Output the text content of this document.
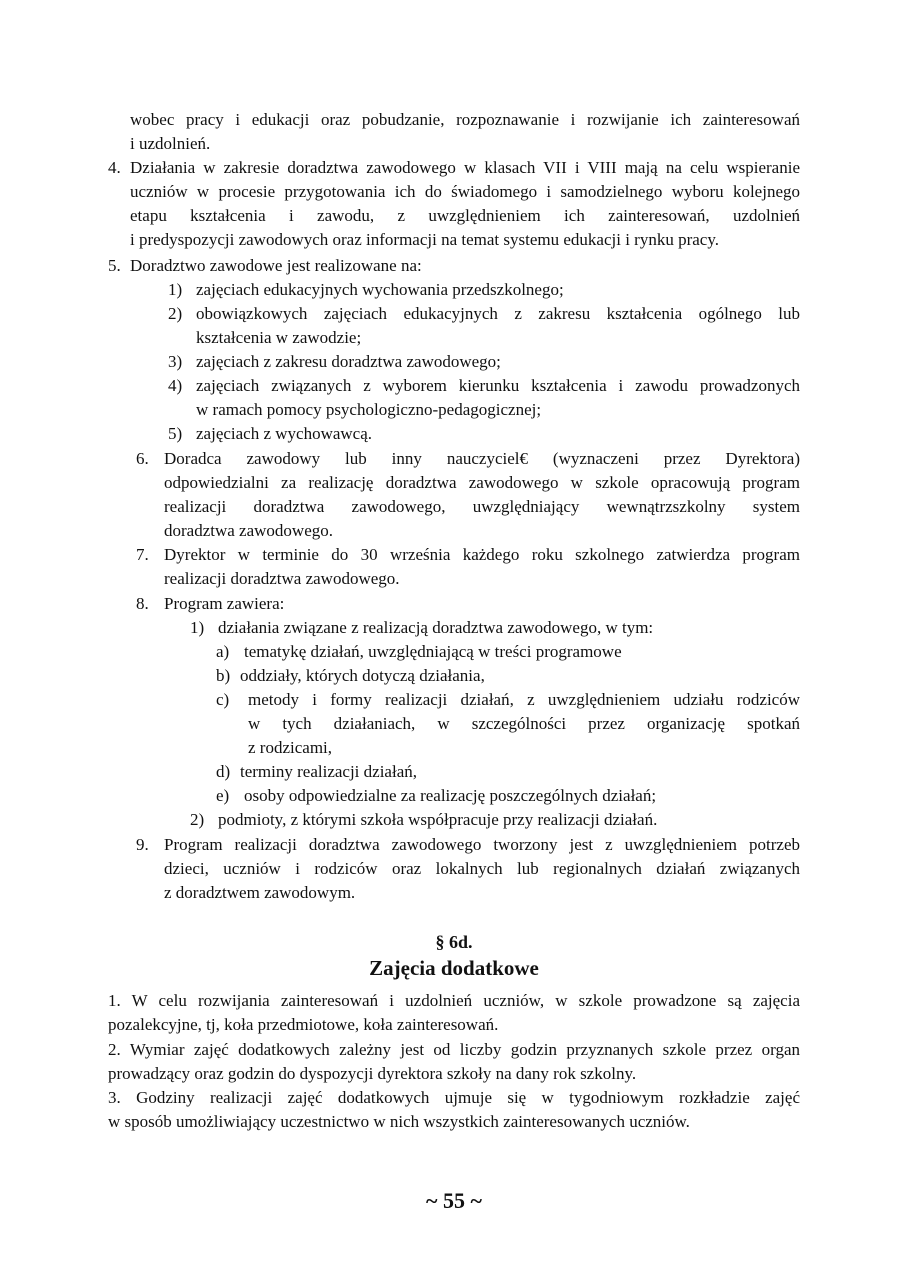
wobec pracy i edukacji oraz pobudzanie, rozpoznawanie i rozwijanie ich zainteresowań
i uzdolnień.
4. Działania w zakresie doradztwa zawodowego w klasach VII i VIII mają na celu wspieranie
uczniów w procesie przygotowania ich do świadomego i samodzielnego wyboru kolejnego
etapu kształcenia i zawodu, z uwzględnieniem ich zainteresowań, uzdolnień
i predyspozycji zawodowych oraz informacji na temat systemu edukacji i rynku pracy.
5. Doradztwo zawodowe jest realizowane na:
1) zajęciach edukacyjnych wychowania przedszkolnego;
2) obowiązkowych zajęciach edukacyjnych z zakresu kształcenia ogólnego lub
kształcenia w zawodzie;
3) zajęciach z zakresu doradztwa zawodowego;
4) zajęciach związanych z wyborem kierunku kształcenia i zawodu prowadzonych
w ramach pomocy psychologiczno-pedagogicznej;
5) zajęciach z wychowawcą.
6. Doradca zawodowy lub inny nauczyciel€ (wyznaczeni przez Dyrektora)
odpowiedzialni za realizację doradztwa zawodowego w szkole opracowują program
realizacji doradztwa zawodowego, uwzględniający wewnątrzszkolny system
doradztwa zawodowego.
7. Dyrektor w terminie do 30 września każdego roku szkolnego zatwierdza program
realizacji doradztwa zawodowego.
8. Program zawiera:
1) działania związane z realizacją doradztwa zawodowego, w tym:
a) tematykę działań, uwzględniającą w treści programowe
b) oddziały, których dotyczą działania,
c) metody i formy realizacji działań, z uwzględnieniem udziału rodziców
w tych działaniach, w szczególności przez organizację spotkań
z rodzicami,
d) terminy realizacji działań,
e) osoby odpowiedzialne za realizację poszczególnych działań;
2) podmioty, z którymi szkoła współpracuje przy realizacji działań.
9. Program realizacji doradztwa zawodowego tworzony jest z uwzględnieniem potrzeb
dzieci, uczniów i rodziców oraz lokalnych lub regionalnych działań związanych
z doradztwem zawodowym.
§ 6d.
Zajęcia dodatkowe
1. W celu rozwijania zainteresowań i uzdolnień uczniów, w szkole prowadzone są zajęcia
pozalekcyjne, tj, koła przedmiotowe, koła zainteresowań.
2. Wymiar zajęć dodatkowych zależny jest od liczby godzin przyznanych szkole przez organ
prowadzący oraz godzin do dyspozycji dyrektora szkoły na dany rok szkolny.
3. Godziny realizacji zajęć dodatkowych ujmuje się w tygodniowym rozkładzie zajęć
w sposób umożliwiający uczestnictwo w nich wszystkich zainteresowanych uczniów.
~ 55 ~
